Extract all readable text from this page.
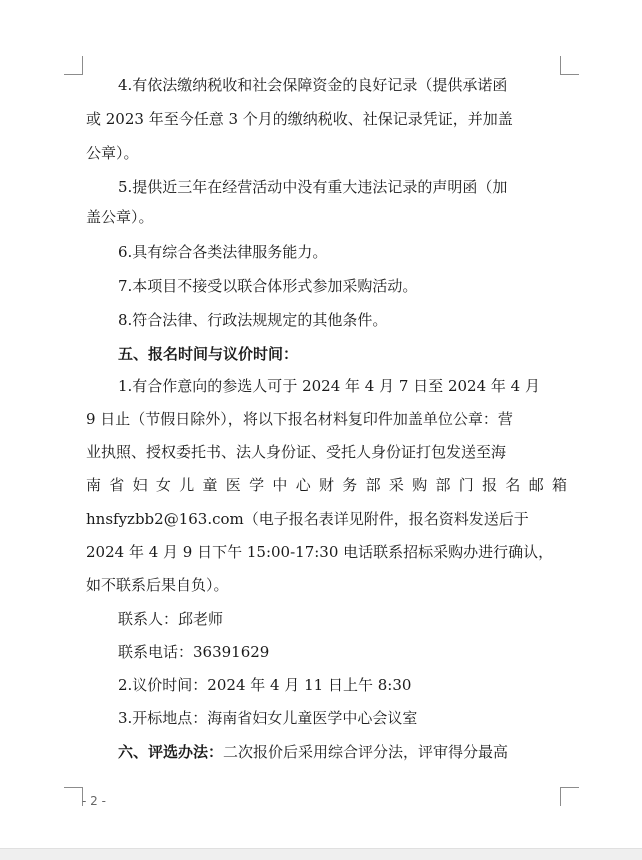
4.有依法缴纳税收和社会保障资金的良好记录（提供承诺函
或 2023 年至今任意 3 个月的缴纳税收、社保记录凭证，并加盖
公章）。
5.提供近三年在经营活动中没有重大违法记录的声明函（加
盖公章）。
6.具有综合各类法律服务能力。
7.本项目不接受以联合体形式参加采购活动。
8.符合法律、行政法规规定的其他条件。
五、报名时间与议价时间：
1.有合作意向的参选人可于 2024 年 4 月 7 日至 2024 年 4 月
9 日止（节假日除外），将以下报名材料复印件加盖单位公章：营
业执照、授权委托书、法人身份证、受托人身份证打包发送至海
南省妇女儿童医学中心财务部采购部门报名邮箱
hnsfyzbb2@163.com（电子报名表详见附件，报名资料发送后于
2024 年 4 月 9 日下午 15:00-17:30 电话联系招标采购办进行确认，
如不联系后果自负）。
联系人：邱老师
联系电话：36391629
2.议价时间：2024 年 4 月 11 日上午 8:30
3.开标地点：海南省妇女儿童医学中心会议室
六、评选办法：二次报价后采用综合评分法，评审得分最高
- 2 -
